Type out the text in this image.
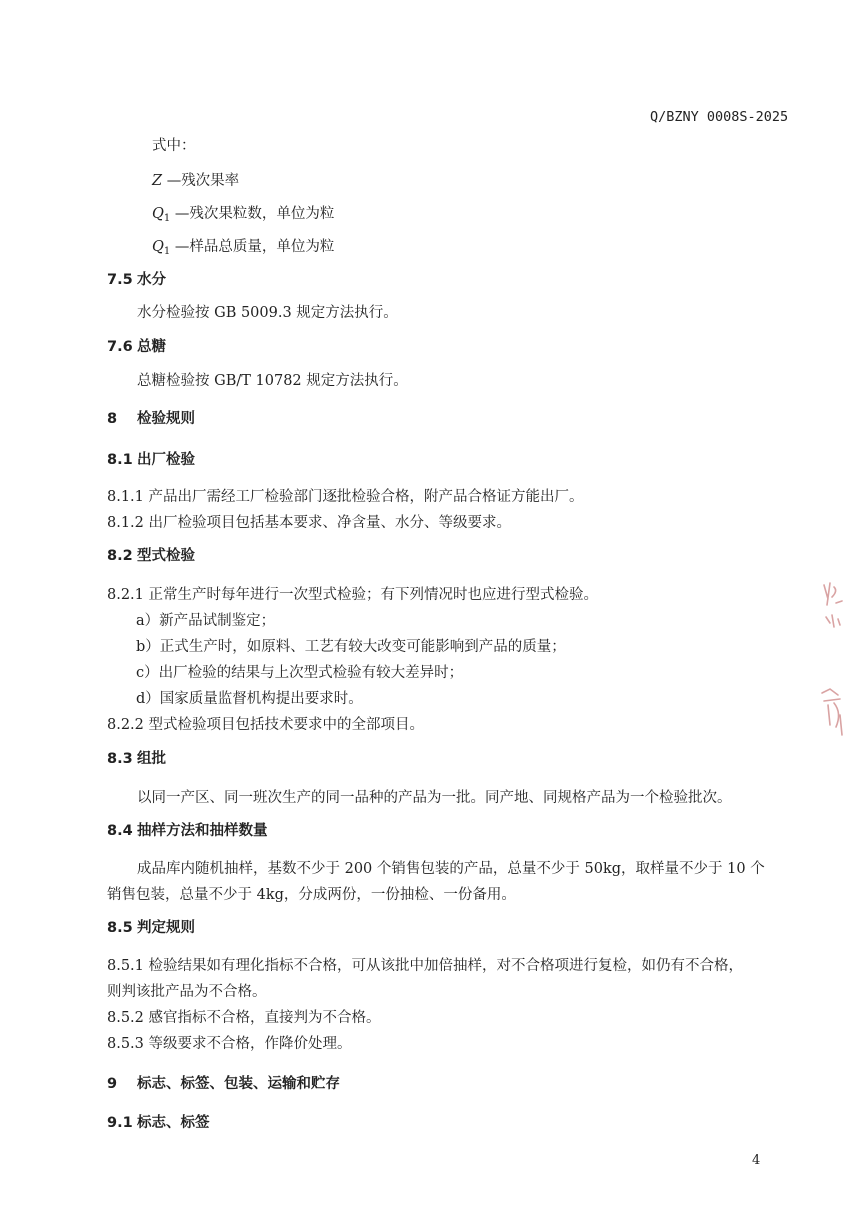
Q/BZNY 0008S-2025
式中：
Z —残次果率
$Q_1$ —残次果粒数，单位为粒
$Q_1$ —样品总质量，单位为粒
7.5 水分
水分检验按 GB 5009.3 规定方法执行。
7.6 总糖
总糖检验按 GB/T 10782 规定方法执行。
8 检验规则
8.1 出厂检验
8.1.1 产品出厂需经工厂检验部门逐批检验合格，附产品合格证方能出厂。
8.1.2 出厂检验项目包括基本要求、净含量、水分、等级要求。
8.2 型式检验
8.2.1 正常生产时每年进行一次型式检验；有下列情况时也应进行型式检验。
a）新产品试制鉴定；
b）正式生产时，如原料、工艺有较大改变可能影响到产品的质量；
c）出厂检验的结果与上次型式检验有较大差异时；
d）国家质量监督机构提出要求时。
8.2.2 型式检验项目包括技术要求中的全部项目。
8.3 组批
以同一产区、同一班次生产的同一品种的产品为一批。同产地、同规格产品为一个检验批次。
8.4 抽样方法和抽样数量
成品库内随机抽样，基数不少于 200 个销售包装的产品，总量不少于 50kg，取样量不少于 10 个
销售包装，总量不少于 4kg，分成两份，一份抽检、一份备用。
8.5 判定规则
8.5.1 检验结果如有理化指标不合格，可从该批中加倍抽样，对不合格项进行复检，如仍有不合格，
则判该批产品为不合格。
8.5.2 感官指标不合格，直接判为不合格。
8.5.3 等级要求不合格，作降价处理。
9 标志、标签、包装、运输和贮存
9.1 标志、标签
4
